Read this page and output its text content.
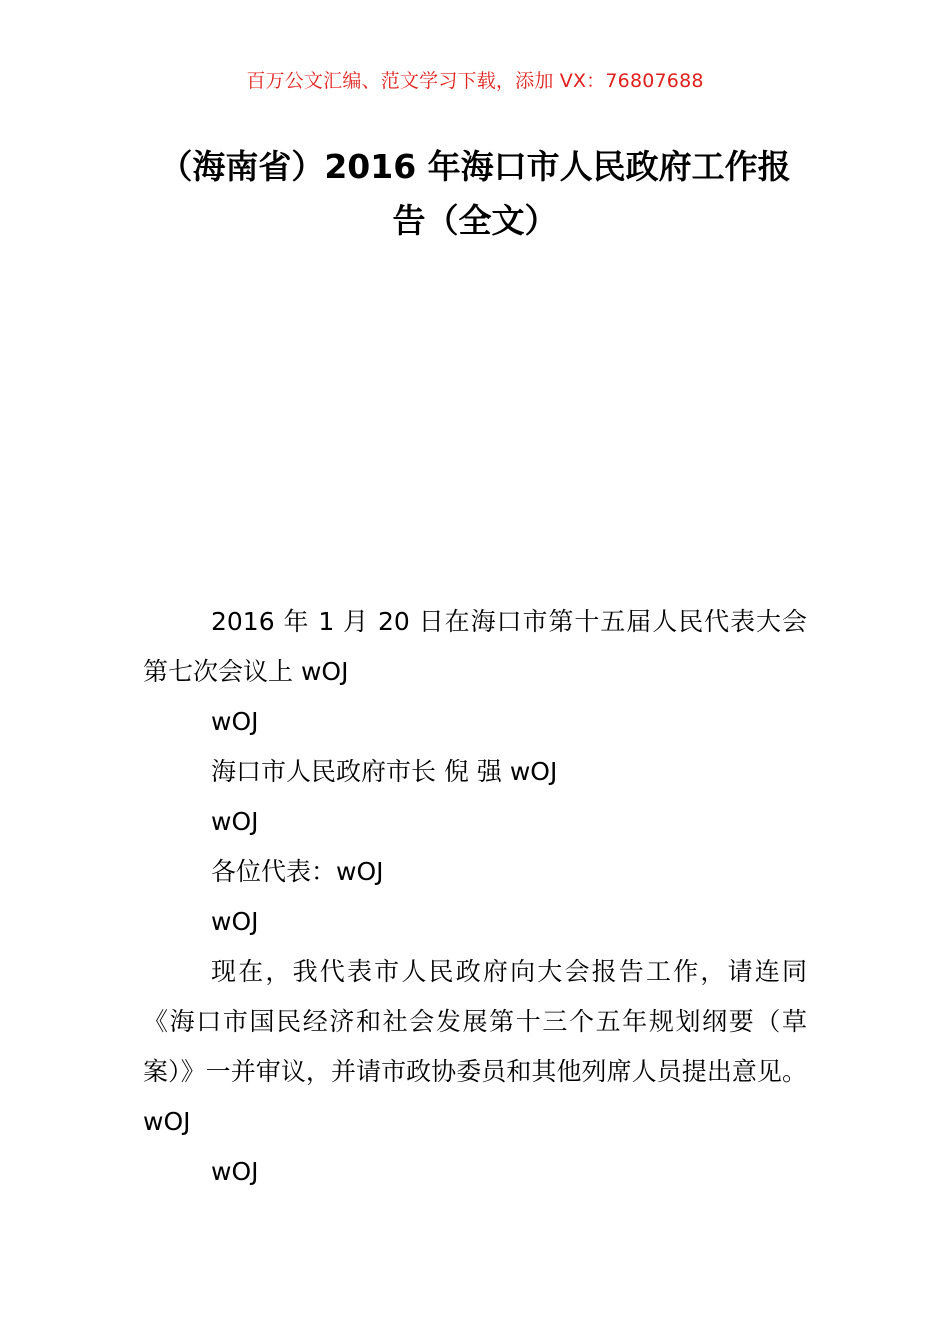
百万公文汇编、范文学习下载，添加 VX：76807688
（海南省）2016 年海口市人民政府工作报告（全文）

2016 年 1 月 20 日在海口市第十五届人民代表大会第七次会议上 wOJ

wOJ

海口市人民政府市长 倪 强 wOJ

wOJ

各位代表：wOJ

wOJ

现在，我代表市人民政府向大会报告工作，请连同《海口市国民经济和社会发展第十三个五年规划纲要（草案）》一并审议，并请市政协委员和其他列席人员提出意见。wOJ

wOJ
